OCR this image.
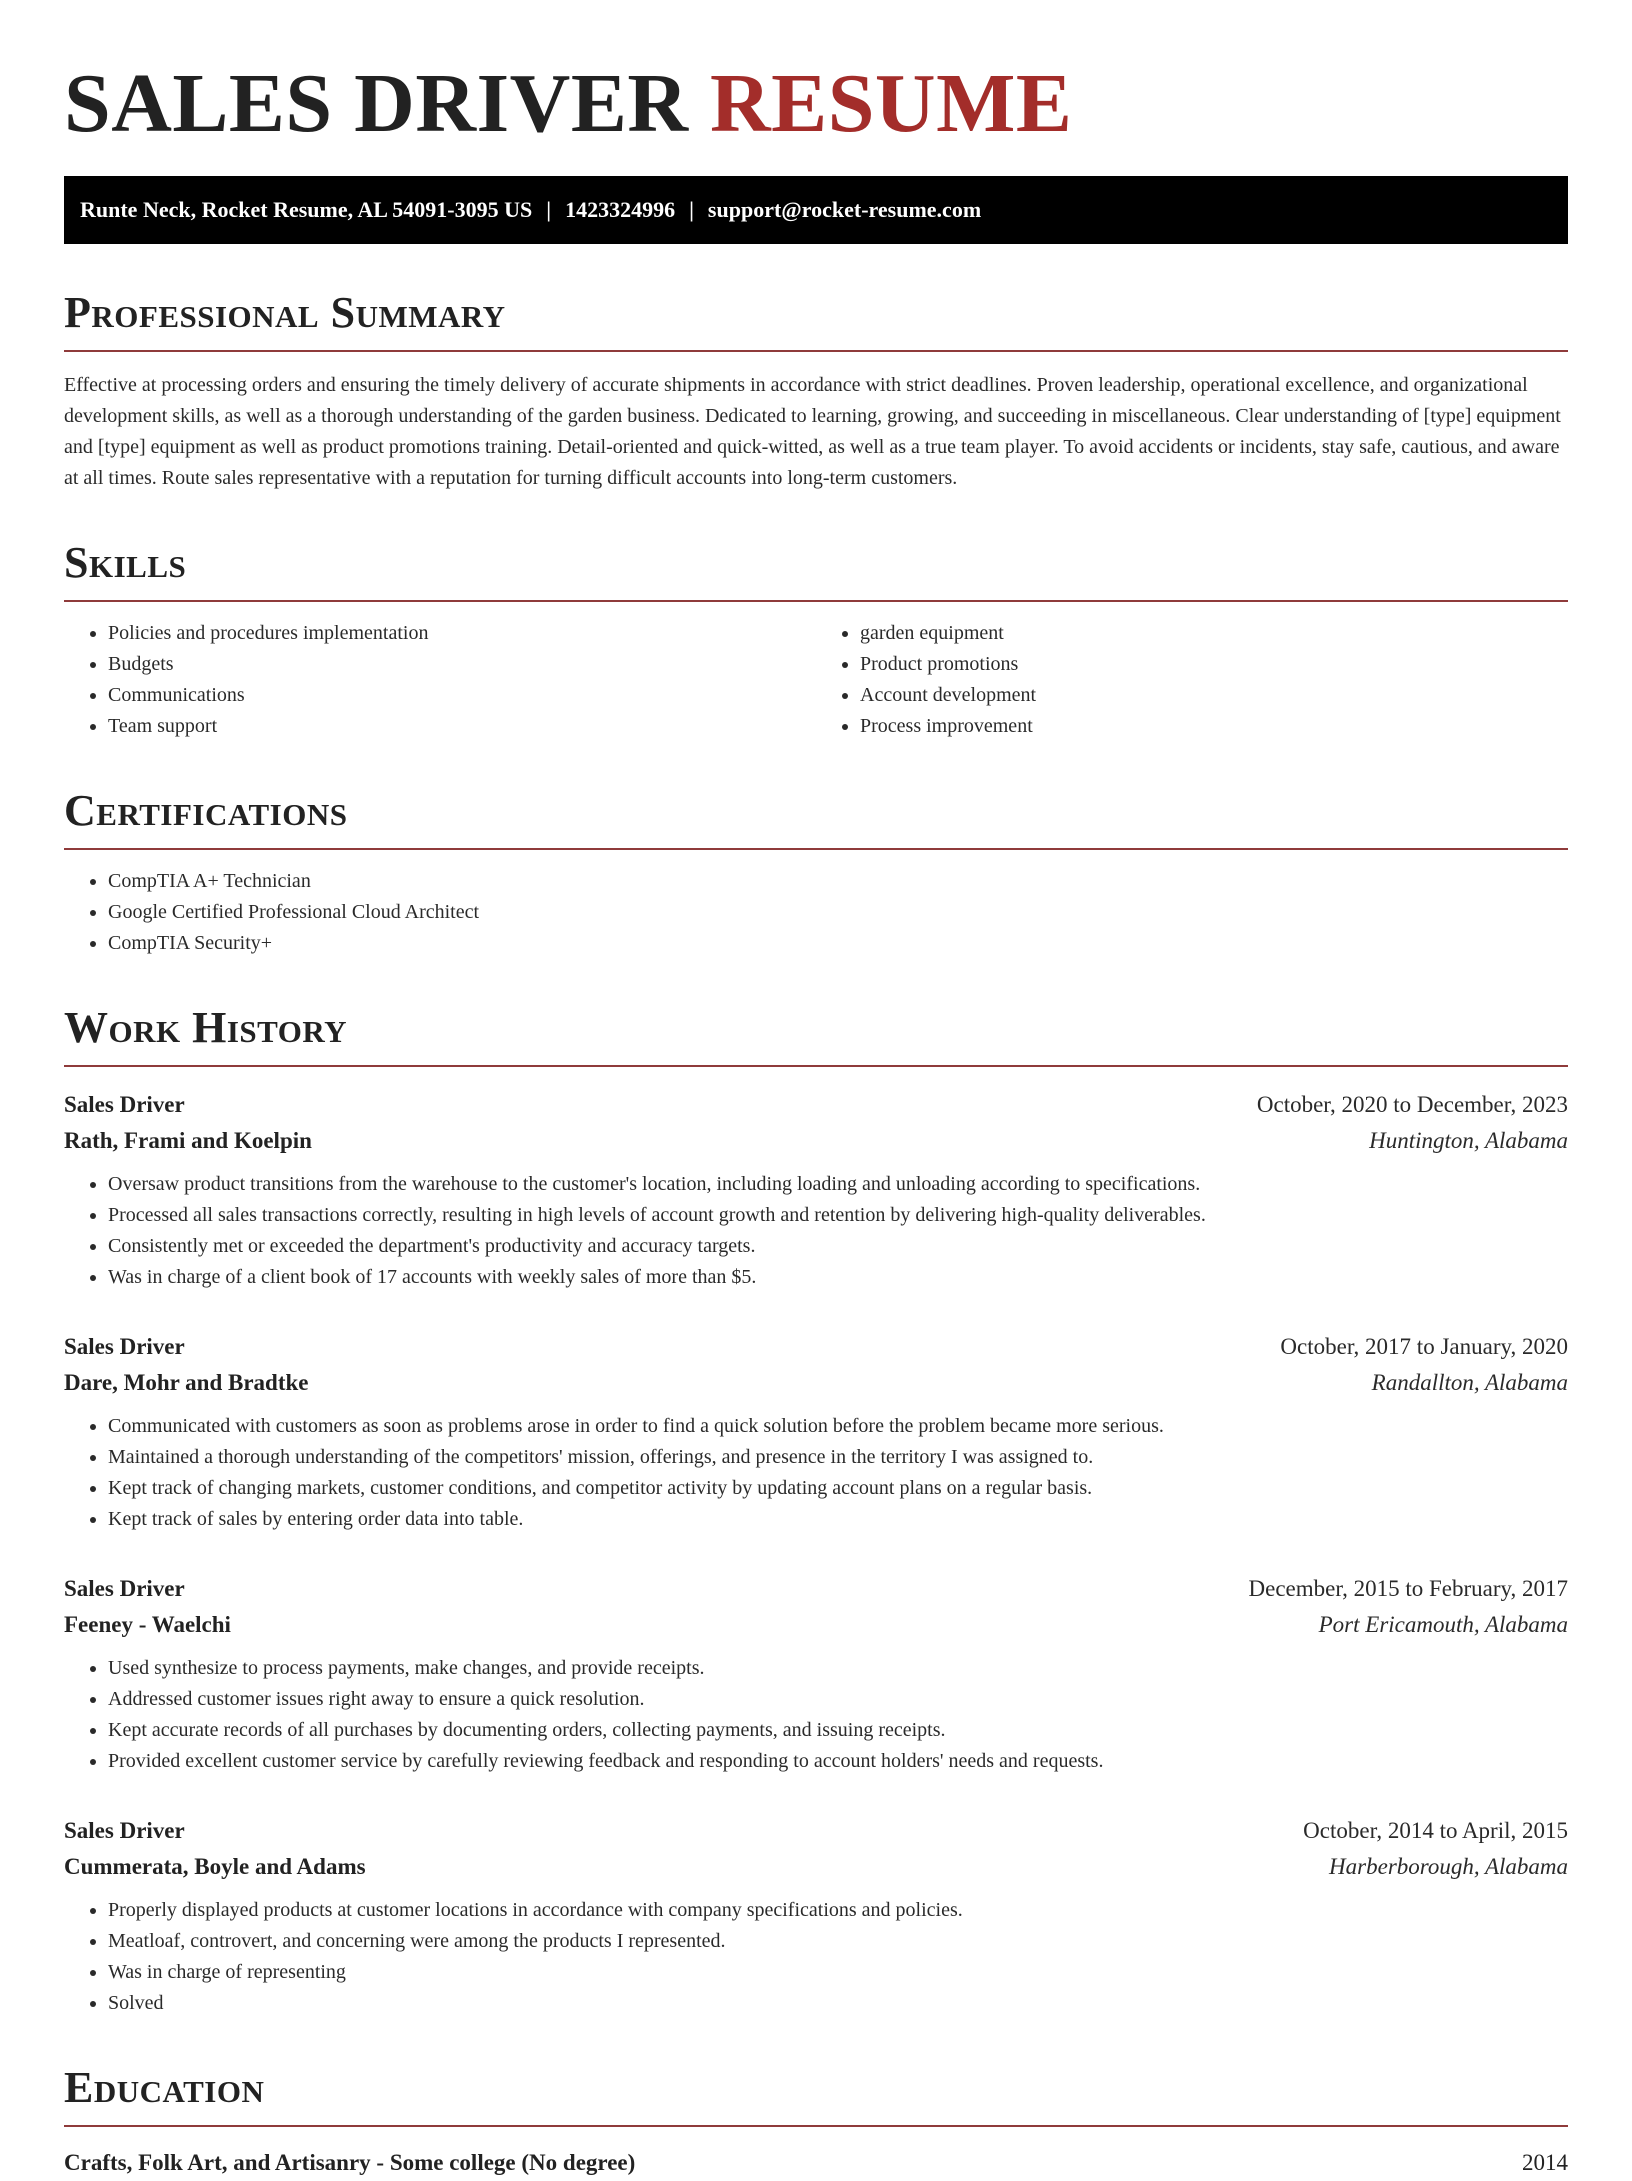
SALES DRIVER RESUME
Runte Neck, Rocket Resume, AL 54091-3095 US | 1423324996 | support@rocket-resume.com
Professional Summary

Effective at processing orders and ensuring the timely delivery of accurate shipments in accordance with strict deadlines. Proven leadership, operational excellence, and organizational development skills, as well as a thorough understanding of the garden business. Dedicated to learning, growing, and succeeding in miscellaneous. Clear understanding of [type] equipment and [type] equipment as well as product promotions training. Detail-oriented and quick-witted, as well as a true team player. To avoid accidents or incidents, stay safe, cautious, and aware at all times. Route sales representative with a reputation for turning difficult accounts into long-term customers.

Skills
• Policies and procedures implementation
• Budgets
• Communications
• Team support
• garden equipment
• Product promotions
• Account development
• Process improvement
Certifications
• CompTIA A+ Technician
• Google Certified Professional Cloud Architect
• CompTIA Security+
Work History
Sales Driver	October, 2020 to December, 2023
Rath, Frami and Koelpin	Huntington, Alabama
• Oversaw product transitions from the warehouse to the customer's location, including loading and unloading according to specifications.
• Processed all sales transactions correctly, resulting in high levels of account growth and retention by delivering high-quality deliverables.
• Consistently met or exceeded the department's productivity and accuracy targets.
• Was in charge of a client book of 17 accounts with weekly sales of more than $5.
Sales Driver	October, 2017 to January, 2020
Dare, Mohr and Bradtke	Randallton, Alabama
• Communicated with customers as soon as problems arose in order to find a quick solution before the problem became more serious.
• Maintained a thorough understanding of the competitors' mission, offerings, and presence in the territory I was assigned to.
• Kept track of changing markets, customer conditions, and competitor activity by updating account plans on a regular basis.
• Kept track of sales by entering order data into table.
Sales Driver	December, 2015 to February, 2017
Feeney - Waelchi	Port Ericamouth, Alabama
• Used synthesize to process payments, make changes, and provide receipts.
• Addressed customer issues right away to ensure a quick resolution.
• Kept accurate records of all purchases by documenting orders, collecting payments, and issuing receipts.
• Provided excellent customer service by carefully reviewing feedback and responding to account holders' needs and requests.
Sales Driver	October, 2014 to April, 2015
Cummerata, Boyle and Adams	Harberborough, Alabama
• Properly displayed products at customer locations in accordance with company specifications and policies.
• Meatloaf, controvert, and concerning were among the products I represented.
• Was in charge of representing
• Solved
Education
Crafts, Folk Art, and Artisanry - Some college (No degree)	2014
